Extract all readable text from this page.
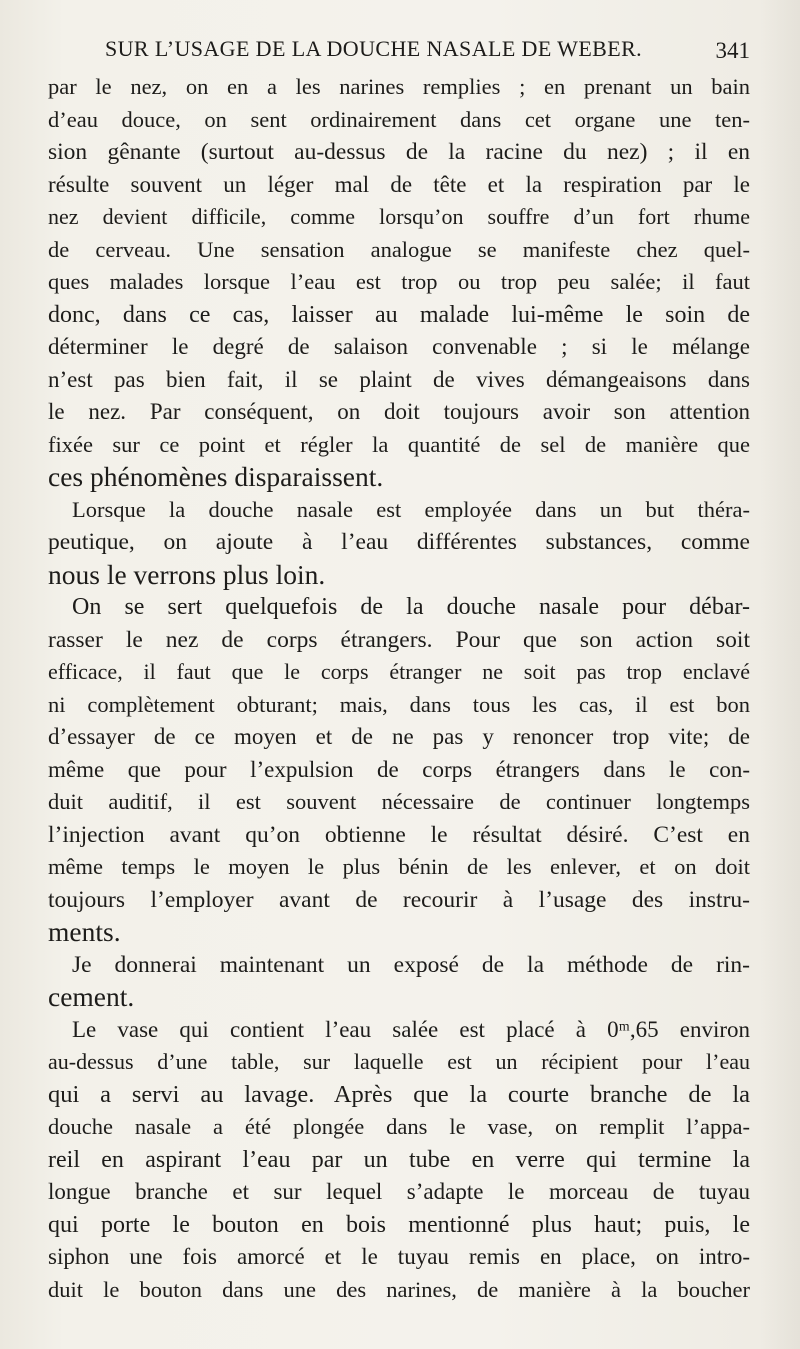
SUR L’USAGE DE LA DOUCHE NASALE DE WEBER.	341
par le nez, on en a les narines remplies ; en prenant un bain
d’eau douce, on sent ordinairement dans cet organe une ten-
sion gênante (surtout au-dessus de la racine du nez) ; il en
résulte souvent un léger mal de tête et la respiration par le
nez devient difficile, comme lorsqu’on souffre d’un fort rhume
de cerveau. Une sensation analogue se manifeste chez quel-
ques malades lorsque l’eau est trop ou trop peu salée; il faut
donc, dans ce cas, laisser au malade lui-même le soin de
déterminer le degré de salaison convenable ; si le mélange
n’est pas bien fait, il se plaint de vives démangeaisons dans
le nez. Par conséquent, on doit toujours avoir son attention
fixée sur ce point et régler la quantité de sel de manière que
ces phénomènes disparaissent.
Lorsque la douche nasale est employée dans un but théra-
peutique, on ajoute à l’eau différentes substances, comme
nous le verrons plus loin.
On se sert quelquefois de la douche nasale pour débar-
rasser le nez de corps étrangers. Pour que son action soit
efficace, il faut que le corps étranger ne soit pas trop enclavé
ni complètement obturant; mais, dans tous les cas, il est bon
d’essayer de ce moyen et de ne pas y renoncer trop vite; de
même que pour l’expulsion de corps étrangers dans le con-
duit auditif, il est souvent nécessaire de continuer longtemps
l’injection avant qu’on obtienne le résultat désiré. C’est en
même temps le moyen le plus bénin de les enlever, et on doit
toujours l’employer avant de recourir à l’usage des instru-
ments.
Je donnerai maintenant un exposé de la méthode de rin-
cement.
Le vase qui contient l’eau salée est placé à 0ᵐ,65 environ
au-dessus d’une table, sur laquelle est un récipient pour l’eau
qui a servi au lavage. Après que la courte branche de la
douche nasale a été plongée dans le vase, on remplit l’appa-
reil en aspirant l’eau par un tube en verre qui termine la
longue branche et sur lequel s’adapte le morceau de tuyau
qui porte le bouton en bois mentionné plus haut; puis, le
siphon une fois amorcé et le tuyau remis en place, on intro-
duit le bouton dans une des narines, de manière à la boucher
